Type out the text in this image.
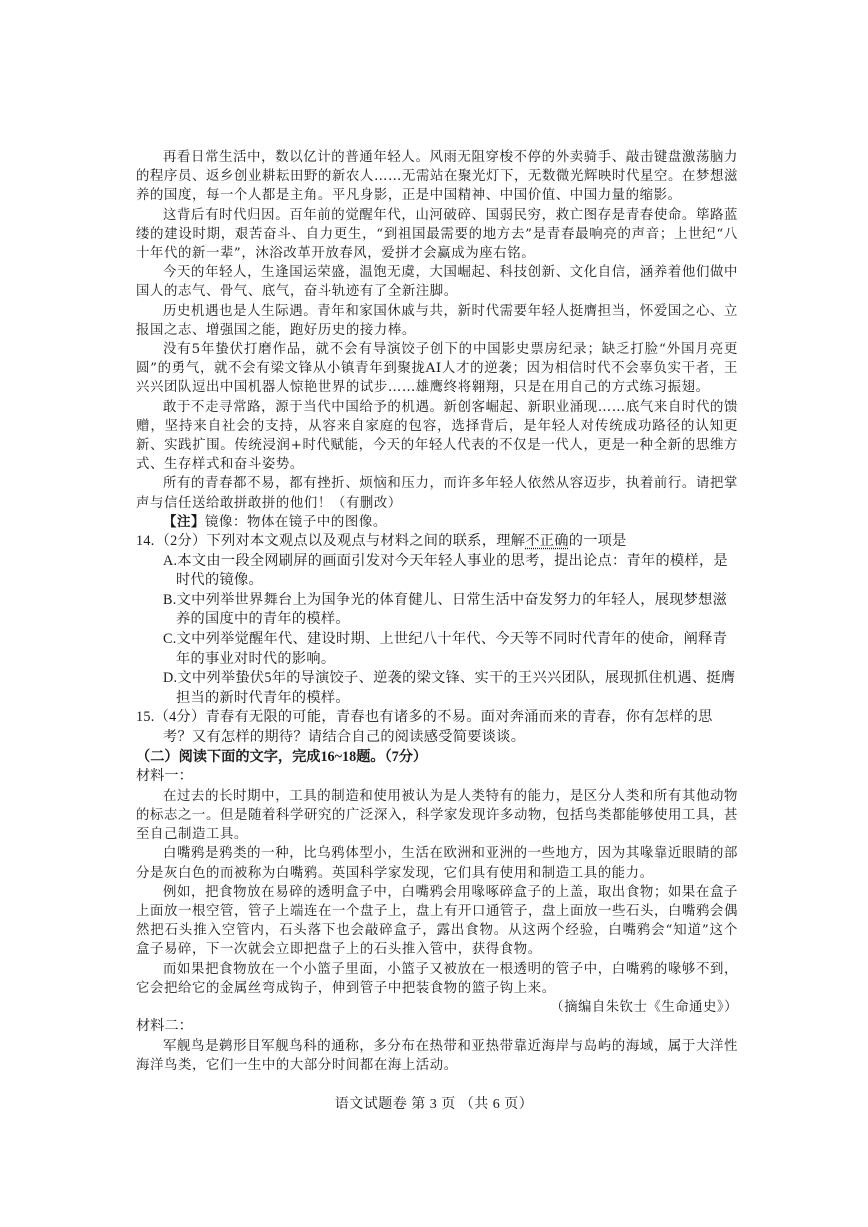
再看日常生活中，数以亿计的普通年轻人。风雨无阻穿梭不停的外卖骑手、敲击键盘激荡脑力的程序员、返乡创业耕耘田野的新农人……无需站在聚光灯下，无数微光辉映时代星空。在梦想滋养的国度，每一个人都是主角。平凡身影，正是中国精神、中国价值、中国力量的缩影。

这背后有时代归因。百年前的觉醒年代，山河破碎、国弱民穷，救亡图存是青春使命。筚路蓝缕的建设时期，艰苦奋斗、自力更生，“到祖国最需要的地方去”是青春最响亮的声音；上世纪“八十年代的新一辈”，沐浴改革开放春风，爱拼才会赢成为座右铭。

今天的年轻人，生逢国运荣盛，温饱无虞，大国崛起、科技创新、文化自信，涵养着他们做中国人的志气、骨气、底气，奋斗轨迹有了全新注脚。

历史机遇也是人生际遇。青年和家国休戚与共，新时代需要年轻人挺膺担当，怀爱国之心、立报国之志、增强国之能，跑好历史的接力棒。

没有5年蛰伏打磨作品，就不会有导演饺子创下的中国影史票房纪录；缺乏打脸“外国月亮更圆”的勇气，就不会有梁文锋从小镇青年到聚拢AI人才的逆袭；因为相信时代不会辜负实干者，王兴兴团队逗出中国机器人惊艳世界的试步……雄鹰终将翱翔，只是在用自己的方式练习振翅。

敢于不走寻常路，源于当代中国给予的机遇。新创客崛起、新职业涌现……底气来自时代的馈赠，坚持来自社会的支持，从容来自家庭的包容，选择背后，是年轻人对传统成功路径的认知更新、实践扩围。传统浸润+时代赋能，今天的年轻人代表的不仅是一代人，更是一种全新的思维方式、生存样式和奋斗姿势。

所有的青春都不易，都有挫折、烦恼和压力，而许多年轻人依然从容迈步，执着前行。请把掌声与信任送给敢拼敢拼的他们！（有删改）

【注】镜像：物体在镜子中的图像。

14.（2分）下列对本文观点以及观点与材料之间的联系，理解不正确的一项是

A.本文由一段全网刷屏的画面引发对今天年轻人事业的思考，提出论点：青年的模样，是时代的镜像。

B.文中列举世界舞台上为国争光的体育健儿、日常生活中奋发努力的年轻人，展现梦想滋养的国度中的青年的模样。

C.文中列举觉醒年代、建设时期、上世纪八十年代、今天等不同时代青年的使命，阐释青年的事业对时代的影响。

D.文中列举蛰伏5年的导演饺子、逆袭的梁文锋、实干的王兴兴团队，展现抓住机遇、挺膺担当的新时代青年的模样。

15.（4分）青春有无限的可能，青春也有诸多的不易。面对奔涌而来的青春，你有怎样的思考？又有怎样的期待？请结合自己的阅读感受简要谈谈。

（二）阅读下面的文字，完成16~18题。（7分）

材料一：

在过去的长时期中，工具的制造和使用被认为是人类特有的能力，是区分人类和所有其他动物的标志之一。但是随着科学研究的广泛深入，科学家发现许多动物，包括鸟类都能够使用工具，甚至自己制造工具。

白嘴鸦是鸦类的一种，比乌鸦体型小，生活在欧洲和亚洲的一些地方，因为其喙靠近眼睛的部分是灰白色的而被称为白嘴鸦。英国科学家发现，它们具有使用和制造工具的能力。

例如，把食物放在易碎的透明盒子中，白嘴鸦会用喙啄碎盒子的上盖，取出食物；如果在盒子上面放一根空管，管子上端连在一个盘子上，盘上有开口通管子，盘上面放一些石头，白嘴鸦会偶然把石头推入空管内，石头落下也会敲碎盒子，露出食物。从这两个经验，白嘴鸦会“知道”这个盒子易碎，下一次就会立即把盘子上的石头推入管中，获得食物。

而如果把食物放在一个小篮子里面，小篮子又被放在一根透明的管子中，白嘴鸦的喙够不到，它会把给它的金属丝弯成钩子，伸到管子中把装食物的篮子钩上来。

（摘编自朱钦士《生命通史》）

材料二：

军舰鸟是鹈形目军舰鸟科的通称，多分布在热带和亚热带靠近海岸与岛屿的海域，属于大洋性海洋鸟类，它们一生中的大部分时间都在海上活动。

语文试题卷 第 3 页 （共 6 页）
